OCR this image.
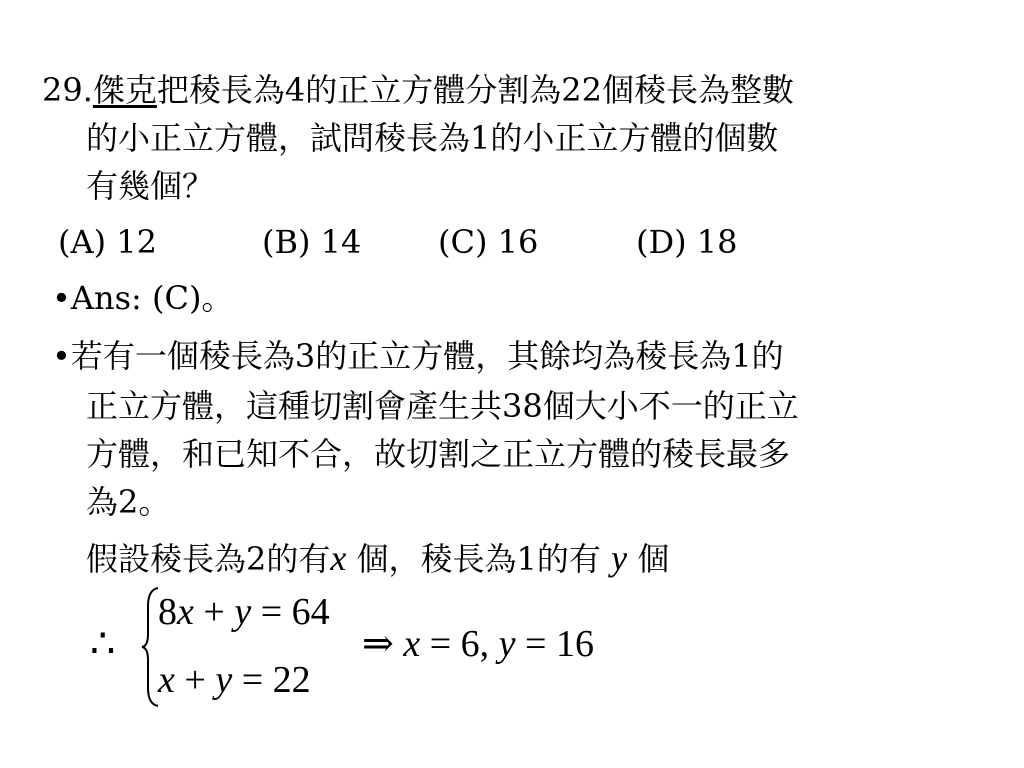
29.傑克把稜長為4的正立方體分割為22個稜長為整數
的小正立方體，試問稜長為1的小正立方體的個數
有幾個？
(A) 12	(B) 14 (C) 16	(D) 18
•Ans: (C)。
•若有一個稜長為3的正立方體，其餘均為稜長為1的
正立方體，這種切割會產生共38個大小不一的正立
方體，和已知不合，故切割之正立方體的稜長最多
為2。
假設稜長為2的有x 個，稜長為1的有 y 個
∴
8x + y = 64
x + y = 22
⇒ x = 6, y = 16
